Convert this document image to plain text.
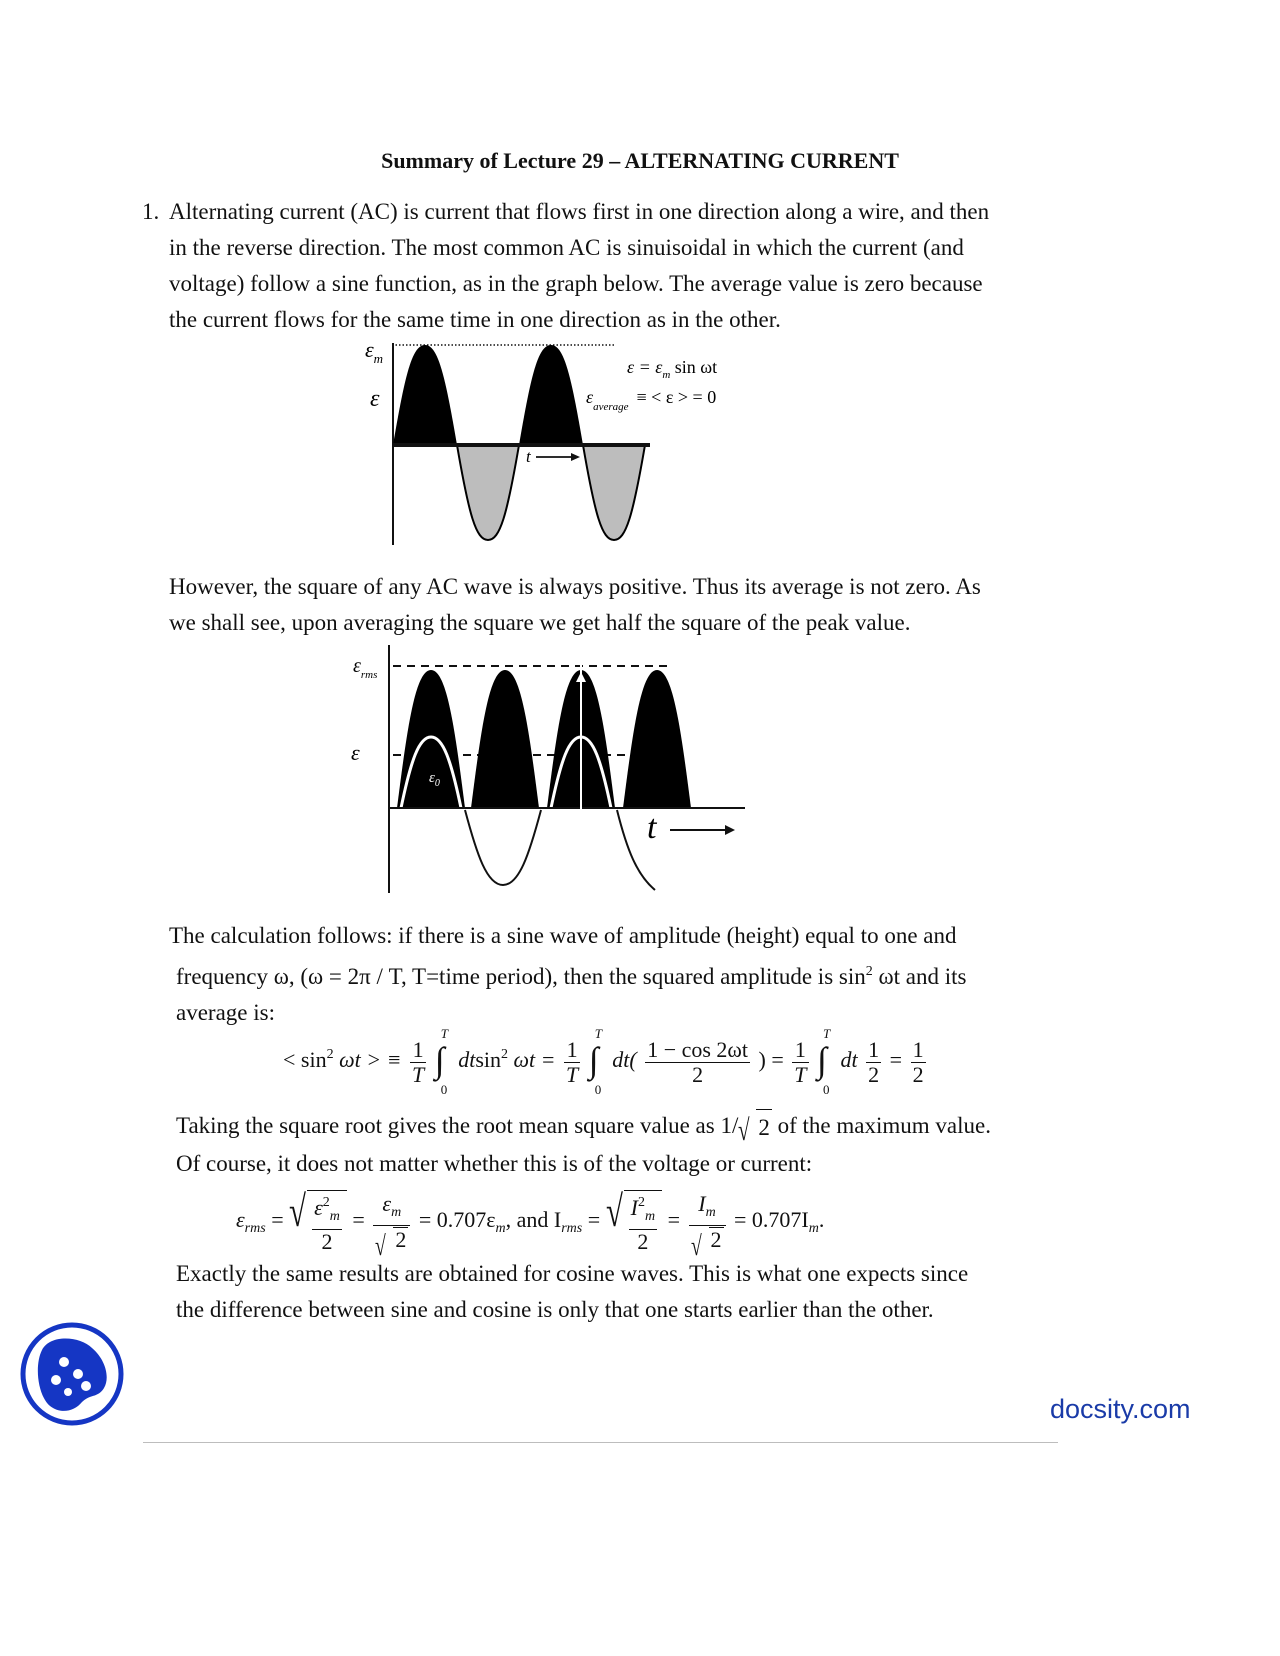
Summary of Lecture 29 – ALTERNATING CURRENT
1. Alternating current (AC) is current that flows first in one direction along a wire, and then
in the reverse direction. The most common AC is sinuisoidal in which the current (and
voltage) follow a sine function, as in the graph below. The average value is zero because
the current flows for the same time in one direction as in the other.
t
$\varepsilon_m$
ε
$\varepsilon = \varepsilon_m$ sin ωt
$\varepsilon_{average}$ ≡ < ε > = 0
However, the square of any AC wave is always positive. Thus its average is not zero. As
we shall see, upon averaging the square we get half the square of the peak value.
t
$\varepsilon_{rms}$
ε
$\varepsilon_0$
$\varepsilon^2$ 0
The calculation follows: if there is a sine wave of amplitude (height) equal to one and
frequency ω, (ω = 2π / T, T=time period), then the squared amplitude is $\sin^2 \omega t$ and its
average is:
< $\sin^2 \omega t$ > ≡ $\frac{1}{T}$

T
∫
0
dtsin$^2$ $\omega t = \frac{1}{T}$

T
∫
0
$dt( \frac{1 - \cos 2\omega t}{2}$ ) = $\frac{1}{T}$

T
∫
0
dt $\frac{1}{2} = \frac{1}{2}$
Taking the square root gives the root mean square value as 1/ √ 2 of the maximum value.
Of course, it does not matter whether this is of the voltage or current:
$\varepsilon_{rms}$ = √ $\frac{\varepsilon^2_m}{2} = \frac{\varepsilon_m}{√ 2} = 0.707\varepsilon_m$, and $I_{rms}$ = √ $\frac{I^2_m}{2} = \frac{I_m}{√ 2} = 0.707I_m$.
Exactly the same results are obtained for cosine waves. This is what one expects since
the difference between sine and cosine is only that one starts earlier than the other.
docsity.com
